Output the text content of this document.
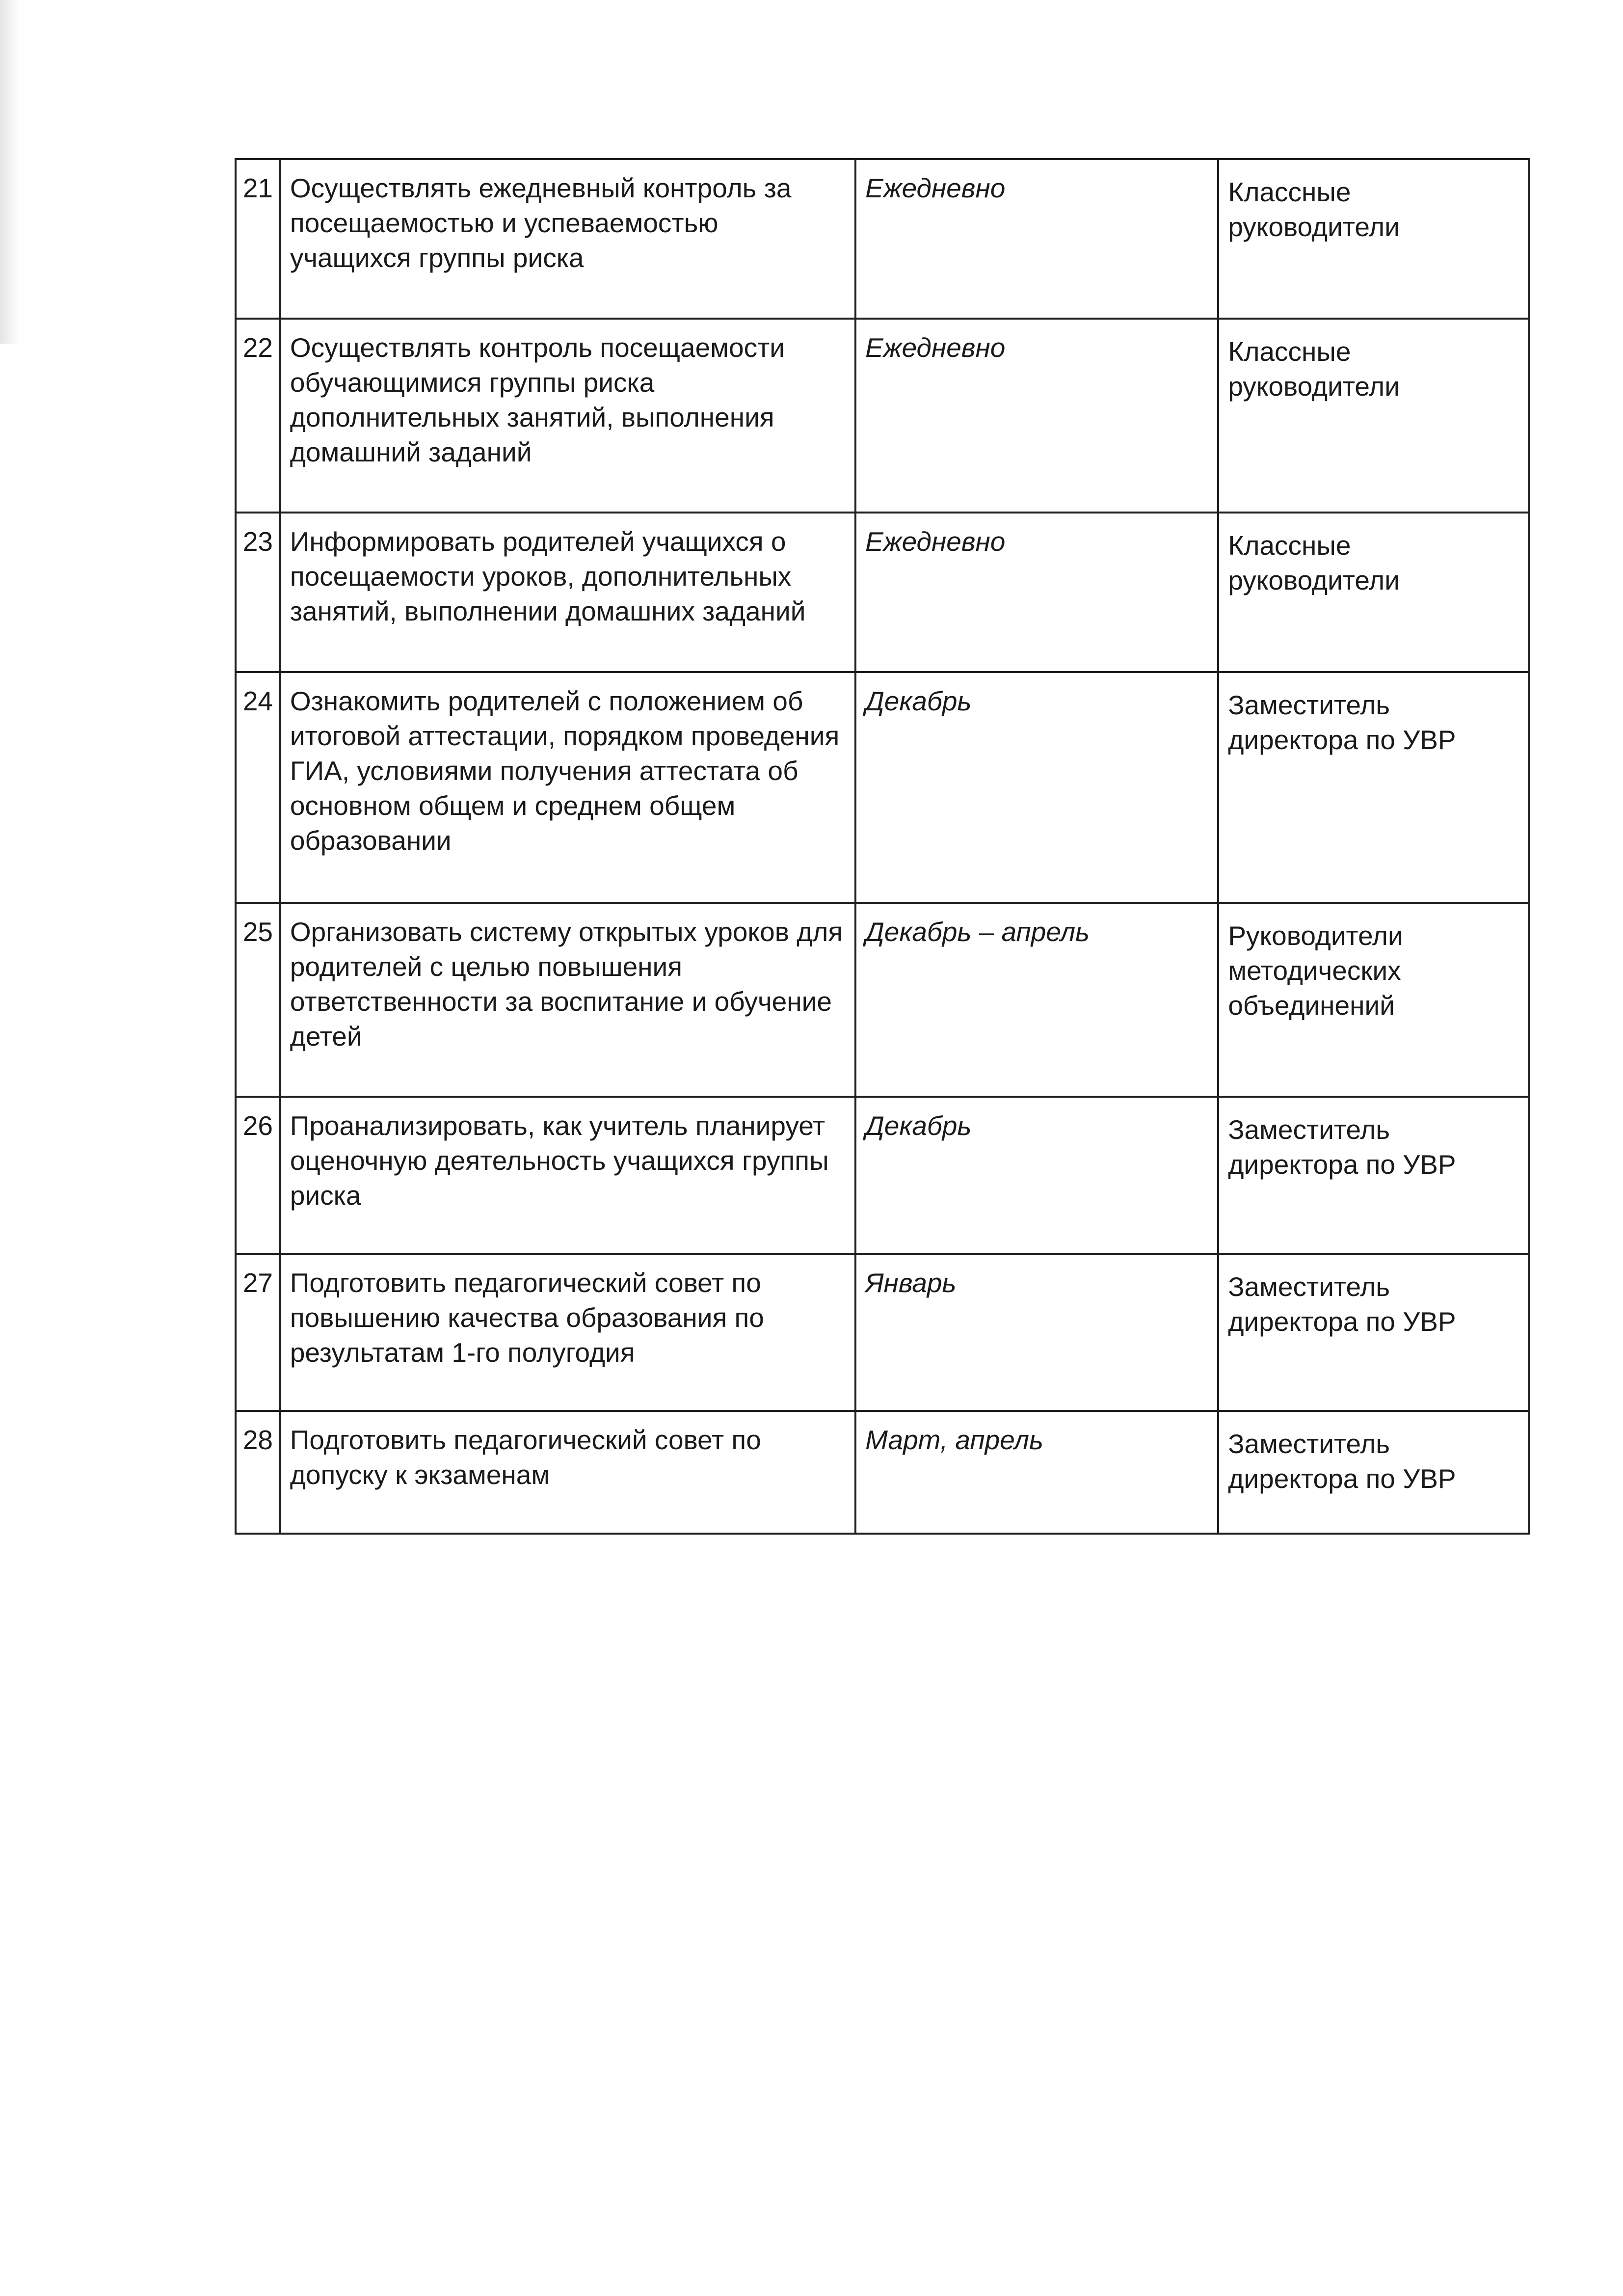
21	Осуществлять ежедневный контроль за посещаемостью и успеваемостью учащихся группы риска	Ежедневно	Классные руководители
22	Осуществлять контроль посещаемости обучающимися группы риска дополнительных занятий, выполнения домашний заданий	Ежедневно	Классные руководители
23	Информировать родителей учащихся о посещаемости уроков, дополнительных занятий, выполнении домашних заданий	Ежедневно	Классные руководители
24	Ознакомить родителей с положением об итоговой аттестации, порядком проведения ГИА, условиями получения аттестата об основном общем и среднем общем образовании	Декабрь	Заместитель директора по УВР
25	Организовать систему открытых уроков для родителей с целью повышения ответственности за воспитание и обучение детей	Декабрь – апрель	Руководители методических объединений
26	Проанализировать, как учитель планирует оценочную деятельность учащихся группы риска	Декабрь	Заместитель директора по УВР
27	Подготовить педагогический совет по повышению качества образования по результатам 1-го полугодия	Январь	Заместитель директора по УВР
28	Подготовить педагогический совет по допуску к экзаменам	Март, апрель	Заместитель директора по УВР
